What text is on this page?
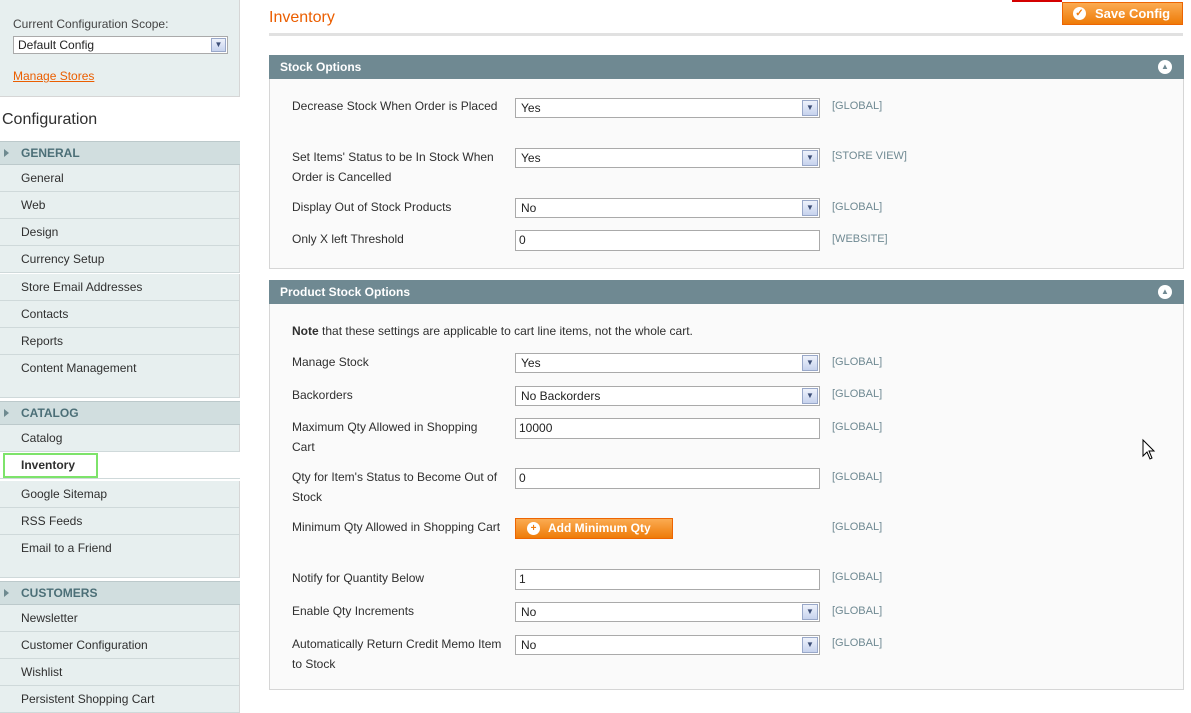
Current Configuration Scope:
Default Config	▼
Manage Stores
Configuration
GENERAL
General
Web
Design
Currency Setup
Store Email Addresses
Contacts
Reports
Content Management
CATALOG
Catalog
Inventory
Google Sitemap
RSS Feeds
Email to a Friend
CUSTOMERS
Newsletter
Customer Configuration
Wishlist
Persistent Shopping Cart
Inventory	✓ Save Config
Stock Options	▲
Decrease Stock When Order is Placed	Yes	▼	[GLOBAL]
Set Items' Status to be In Stock When Order is Cancelled
Yes	▼	[STORE VIEW]
Display Out of Stock Products	No	▼	[GLOBAL]
Only X left Threshold	0	[WEBSITE]
Product Stock Options	▲
Note that these settings are applicable to cart line items, not the whole cart.
Manage Stock	Yes	▼	[GLOBAL]
Backorders	No Backorders	▼	[GLOBAL]
Maximum Qty Allowed in Shopping Cart
10000	[GLOBAL]
Qty for Item's Status to Become Out of Stock
0	[GLOBAL]
Minimum Qty Allowed in Shopping Cart	+ Add Minimum Qty	[GLOBAL]
Notify for Quantity Below	1	[GLOBAL]
Enable Qty Increments	No	▼	[GLOBAL]
Automatically Return Credit Memo Item to Stock
No	▼	[GLOBAL]
